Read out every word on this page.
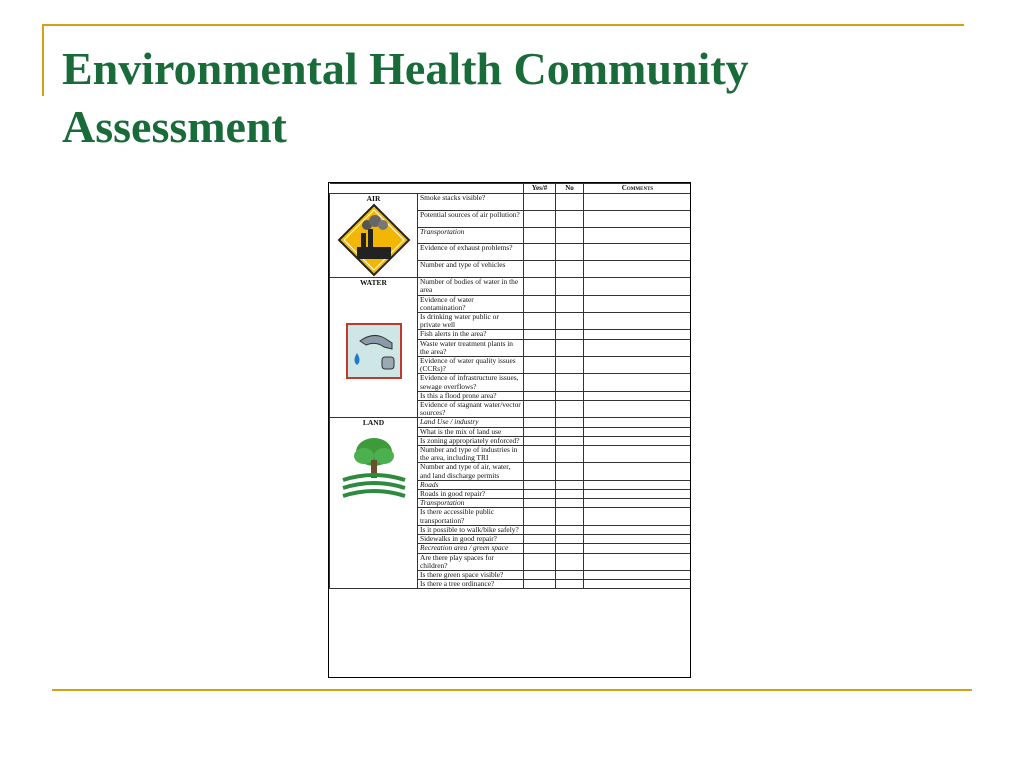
Environmental Health Community
Assessment
		Yes/#	No	Comments

AIR	Smoke stacks visible?			
	Potential sources of air pollution?			
	Transportation			
	Evidence of exhaust problems?			
	Number and type of vehicles			

WATER	Number of bodies of water in the area			
	Evidence of water contamination?			
	Is drinking water public or private well			
	Fish alerts in the area?			
	Waste water treatment plants in the area?			
	Evidence of water quality issues (CCRs)?			
	Evidence of infrastructure issues, sewage overflows?			
	Is this a flood prone area?			
	Evidence of stagnant water/vector sources?			

LAND	Land Use / industry			
	What is the mix of land use			
	Is zoning appropriately enforced?			
	Number and type of industries in the area, including TRI			
	Number and type of air, water, and land discharge permits			
	Roads			
	Roads in good repair?			
	Transportation			
	Is there accessible public transportation?			
	Is it possible to walk/bike safely?			
	Sidewalks in good repair?			
	Recreation area / green space			
	Are there play spaces for children?			
	Is there green space visible?			
	Is there a tree ordinance?			
